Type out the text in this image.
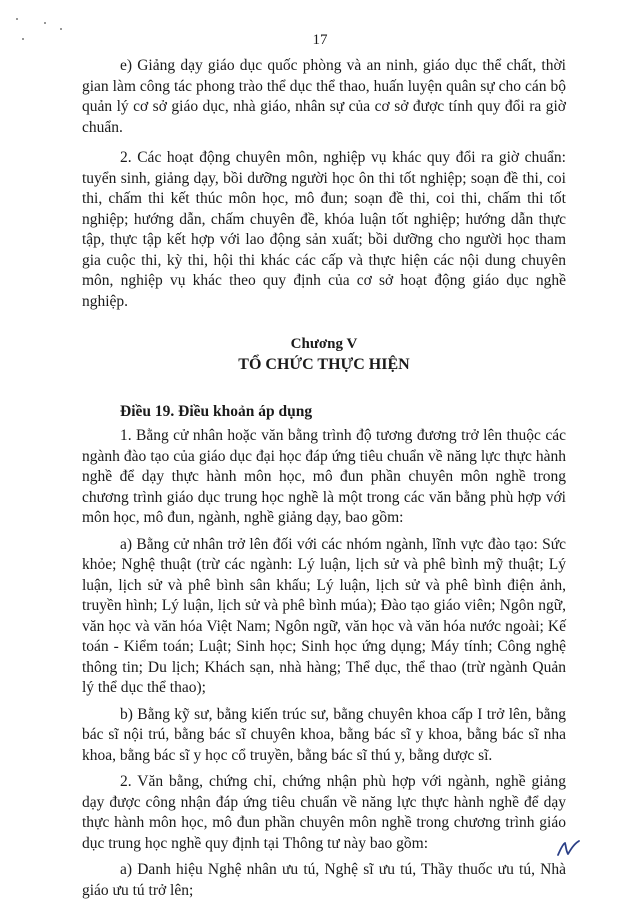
17

e) Giảng dạy giáo dục quốc phòng và an ninh, giáo dục thể chất, thời gian làm công tác phong trào thể dục thể thao, huấn luyện quân sự cho cán bộ quản lý cơ sở giáo dục, nhà giáo, nhân sự của cơ sở được tính quy đổi ra giờ chuẩn.

2. Các hoạt động chuyên môn, nghiệp vụ khác quy đổi ra giờ chuẩn: tuyển sinh, giảng dạy, bồi dưỡng người học ôn thi tốt nghiệp; soạn đề thi, coi thi, chấm thi kết thúc môn học, mô đun; soạn đề thi, coi thi, chấm thi tốt nghiệp; hướng dẫn, chấm chuyên đề, khóa luận tốt nghiệp; hướng dẫn thực tập, thực tập kết hợp với lao động sản xuất; bồi dưỡng cho người học tham gia cuộc thi, kỳ thi, hội thi khác các cấp và thực hiện các nội dung chuyên môn, nghiệp vụ khác theo quy định của cơ sở hoạt động giáo dục nghề nghiệp.

Chương V
TỔ CHỨC THỰC HIỆN
Điều 19. Điều khoản áp dụng

1. Bằng cử nhân hoặc văn bằng trình độ tương đương trở lên thuộc các ngành đào tạo của giáo dục đại học đáp ứng tiêu chuẩn về năng lực thực hành nghề để dạy thực hành môn học, mô đun phần chuyên môn nghề trong chương trình giáo dục trung học nghề là một trong các văn bằng phù hợp với môn học, mô đun, ngành, nghề giảng dạy, bao gồm:

a) Bằng cử nhân trở lên đối với các nhóm ngành, lĩnh vực đào tạo: Sức khỏe; Nghệ thuật (trừ các ngành: Lý luận, lịch sử và phê bình mỹ thuật; Lý luận, lịch sử và phê bình sân khấu; Lý luận, lịch sử và phê bình điện ảnh, truyền hình; Lý luận, lịch sử và phê bình múa); Đào tạo giáo viên; Ngôn ngữ, văn học và văn hóa Việt Nam; Ngôn ngữ, văn học và văn hóa nước ngoài; Kế toán - Kiểm toán; Luật; Sinh học; Sinh học ứng dụng; Máy tính; Công nghệ thông tin; Du lịch; Khách sạn, nhà hàng; Thể dục, thể thao (trừ ngành Quản lý thể dục thể thao);

b) Bằng kỹ sư, bằng kiến trúc sư, bằng chuyên khoa cấp I trở lên, bằng bác sĩ nội trú, bằng bác sĩ chuyên khoa, bằng bác sĩ y khoa, bằng bác sĩ nha khoa, bằng bác sĩ y học cổ truyền, bằng bác sĩ thú y, bằng dược sĩ.

2. Văn bằng, chứng chỉ, chứng nhận phù hợp với ngành, nghề giảng dạy được công nhận đáp ứng tiêu chuẩn về năng lực thực hành nghề để dạy thực hành môn học, mô đun phần chuyên môn nghề trong chương trình giáo dục trung học nghề quy định tại Thông tư này bao gồm:

a) Danh hiệu Nghệ nhân ưu tú, Nghệ sĩ ưu tú, Thầy thuốc ưu tú, Nhà giáo ưu tú trở lên;
